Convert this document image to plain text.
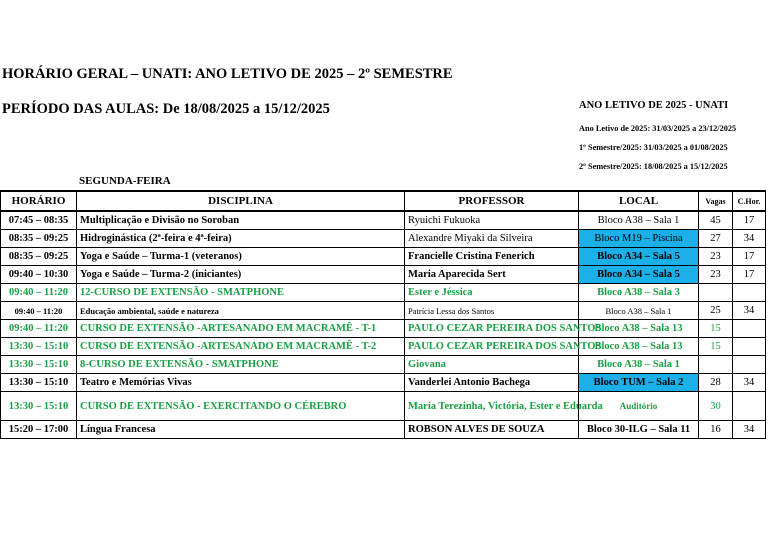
HORÁRIO GERAL – UNATI: ANO LETIVO DE 2025 – 2º SEMESTRE
PERÍODO DAS AULAS: De 18/08/2025 a 15/12/2025	ANO LETIVO DE 2025 - UNATI
Ano Letivo de 2025: 31/03/2025 a 23/12/2025
1º Semestre/2025: 31/03/2025 a 01/08/2025
2º Semestre/2025: 18/08/2025 a 15/12/2025
SEGUNDA-FEIRA
HORÁRIO	DISCIPLINA	PROFESSOR	LOCAL	Vagas	C.Hor.
07:45 – 08:35	Multiplicação e Divisão no Soroban	Ryuichi Fukuoka	Bloco A38 – Sala 1	45	17
08:35 – 09:25	Hidroginástica (2ª-feira e 4ª-feira)	Alexandre Miyaki da Silveira	Bloco M19 – Piscina	27	34
08:35 – 09:25	Yoga e Saúde – Turma-1 (veteranos)	Francielle Cristina Fenerich	Bloco A34 – Sala 5	23	17
09:40 – 10:30	Yoga e Saúde – Turma-2 (iniciantes)	Maria Aparecida Sert	Bloco A34 – Sala 5	23	17
09:40 – 11:20	12-CURSO DE EXTENSÃO - SMATPHONE	Ester e Jéssica	Bloco A38 – Sala 3		
09:40 – 11:20	Educação ambiental, saúde e natureza	Patrícia Lessa dos Santos	Bloco A38 – Sala 1	25	34
09:40 – 11:20	CURSO DE EXTENSÃO -ARTESANADO EM MACRAMÊ - T-1	PAULO CEZAR PEREIRA DOS SANTOS	Bloco A38 – Sala 13	15	
13:30 – 15:10	CURSO DE EXTENSÃO -ARTESANADO EM MACRAMÊ - T-2	PAULO CEZAR PEREIRA DOS SANTOS	Bloco A38 – Sala 13	15	
13:30 – 15:10	8-CURSO DE EXTENSÃO - SMATPHONE	Giovana	Bloco A38 – Sala 1		
13:30 – 15:10	Teatro e Memórias Vivas	Vanderlei Antonio Bachega	Bloco TUM – Sala 2	28	34
13:30 – 15:10	CURSO DE EXTENSÃO - EXERCITANDO O CÉREBRO	Maria Terezinha, Victória, Ester e Eduarda	Auditório	30	
15:20 – 17:00	Língua Francesa	ROBSON ALVES DE SOUZA	Bloco 30-ILG – Sala 11	16	34
